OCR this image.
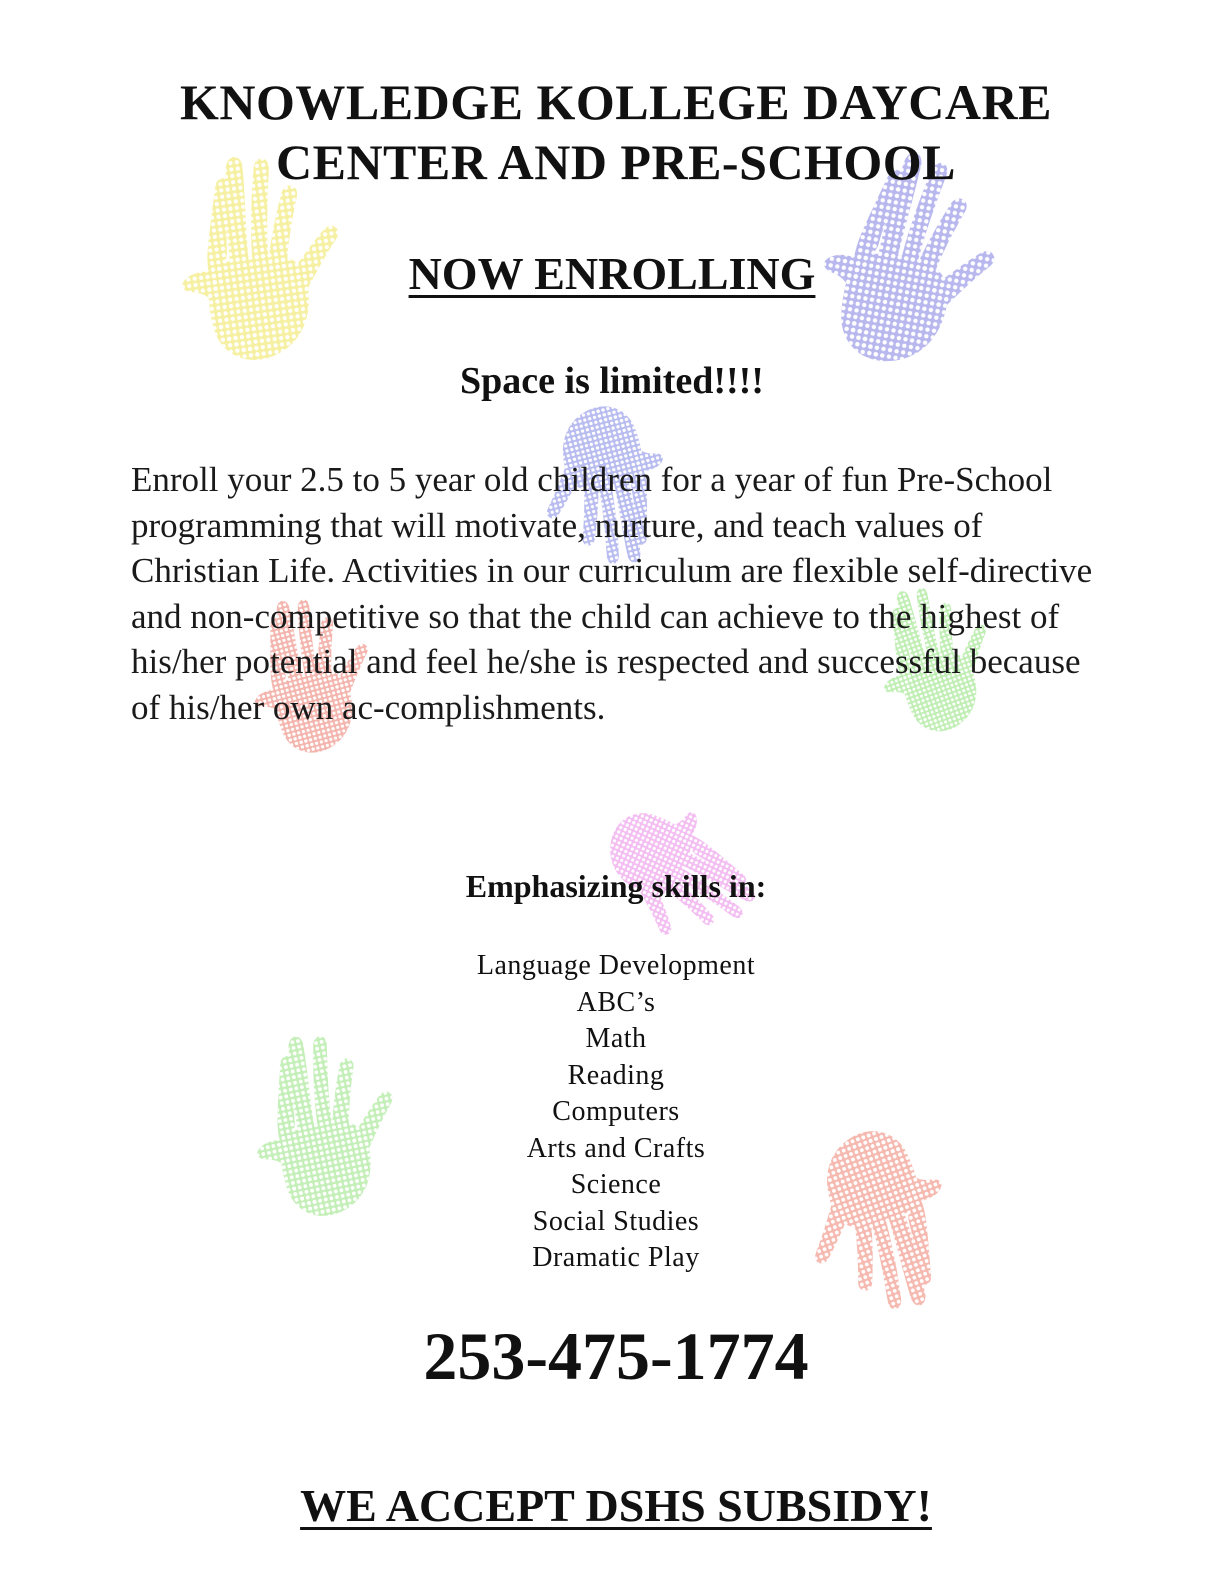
KNOWLEDGE KOLLEGE DAYCARE
CENTER AND PRE-SCHOOL
NOW ENROLLING
Space is limited!!!!
Enroll your 2.5 to 5 year old children for a year of fun Pre-School programming that will motivate, nurture, and teach values of Christian Life. Activities in our curriculum are flexible self-directive and non-competitive so that the child can achieve to the highest of his/her potential and feel he/she is respected and successful because of his/her own ac-complishments.
Emphasizing skills in:
Language Development
ABC’s
Math
Reading
Computers
Arts and Crafts
Science
Social Studies
Dramatic Play
253-475-1774
WE ACCEPT DSHS SUBSIDY!
